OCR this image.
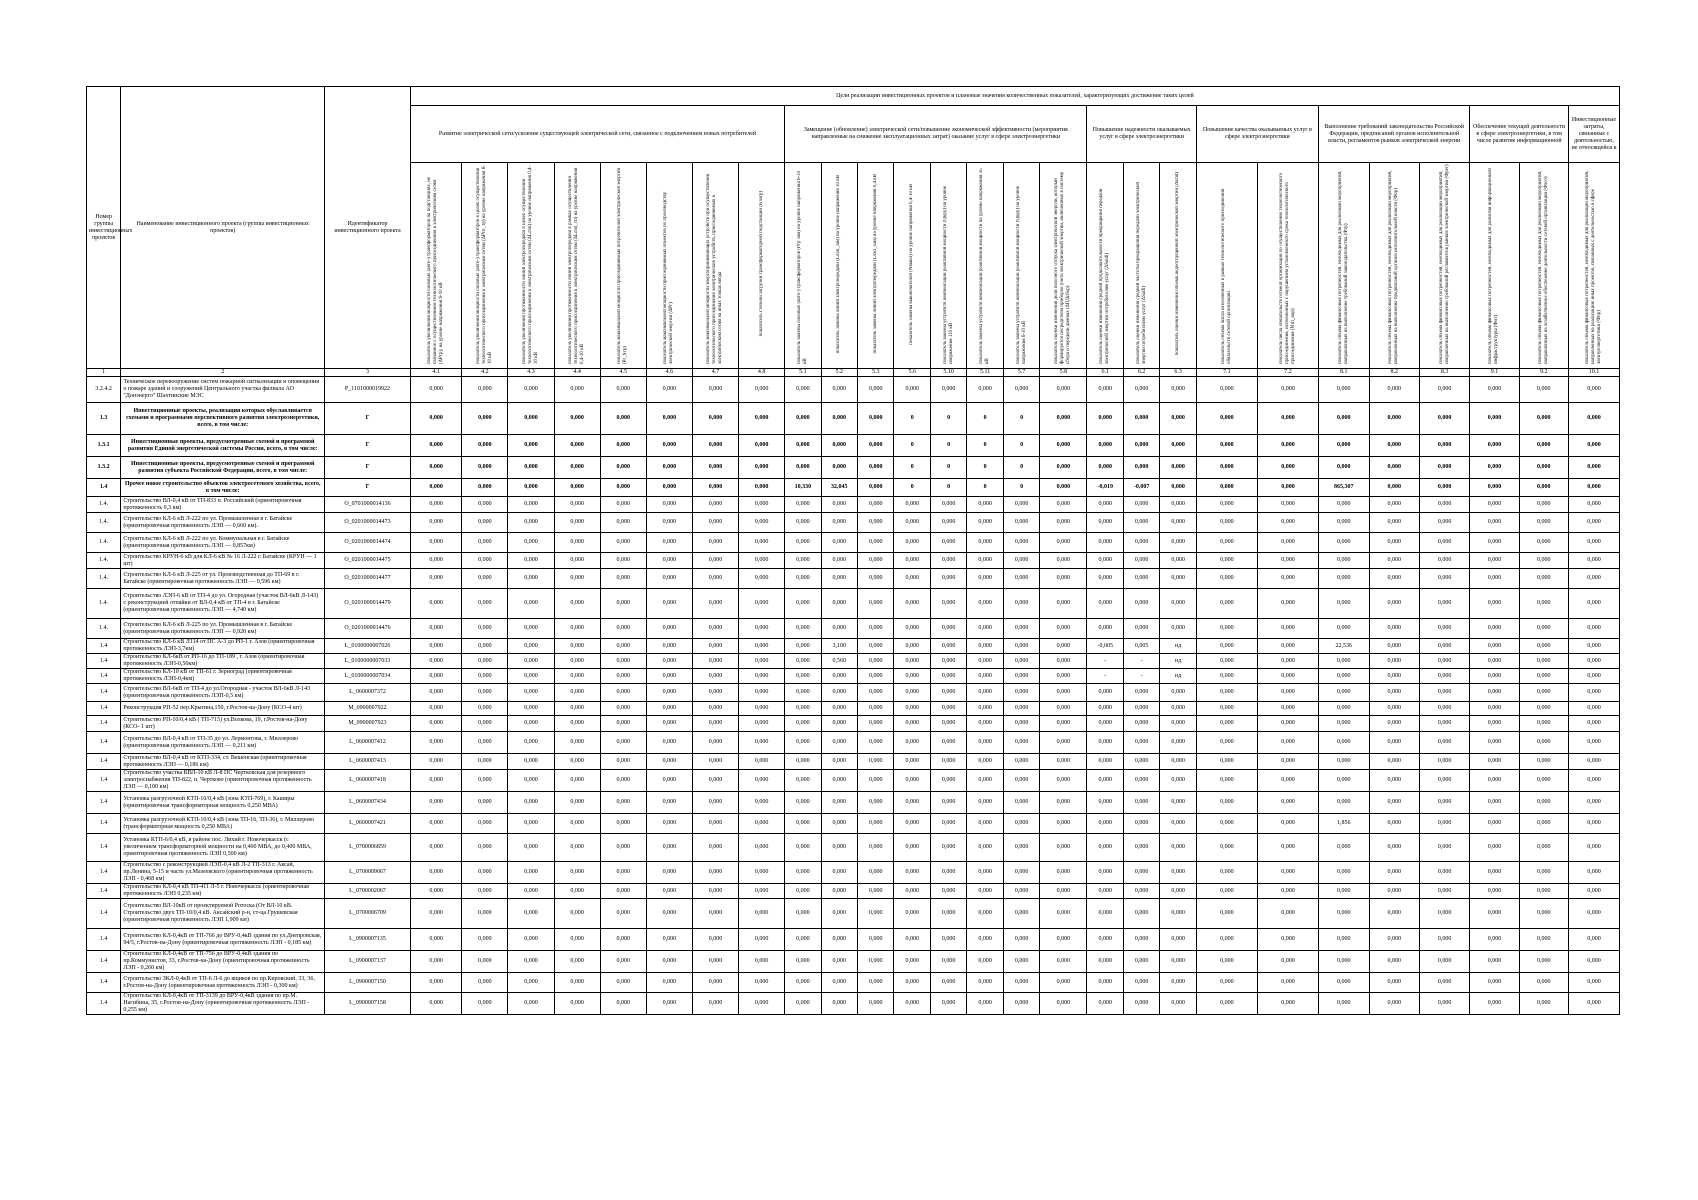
Номер группы инвестиционных проектов	Наименование инвестиционного проекта (группы инвестиционных проектов)	Идентификатор инвестиционного проекта	Цели реализации инвестиционных проектов и плановые значения количественных показателей, характеризующих достижение таких целей																										
			Развитие электрической сети/усиление существующей электрической сети, связанное с подключением новых потребителей								Замещение (обновление) электрической сети/повышение экономической эффективности (мероприятия направленные на снижение эксплуатационных затрат) оказание услуг в сфере электроэнергетики								Повышение надежности оказываемых услуг в сфере электроэнергетики			Повышение качества оказываемых услуг в сфере электроэнергетики		Выполнение требований законодательства Российской Федерации, предписаний органов исполнительной власти, регламентов рынков электрической энергии			Обеспечение текущей деятельности в сфере электроэнергетики, в том числе развитие информационной		Инвестиционные затраты, связанные с деятельностью, не относящейся к
			показатель увеличения мощности силовых (авто-) трансформаторов на подстанциях, не связанное с осуществлением технологического присоединения к электрическим сетям (ΔPтр), на уровне напряжения 6-10 кВ	показатель увеличения мощности силовых (авто-) трансформаторов в целях осуществления технологического присоединения к электрическим сетям (ΔPтп_тр) на уровне напряжения 6-10 кВ	показатель увеличения протяженности линий электропередачи в целях осуществления технологического присоединения к электрическим сетям (ΔLлэп) на уровне напряжения 0,4-10 кВ	показатель увеличения протяженности линий электропередачи в рамках осуществления технологического присоединения к электрическим сетям (ΔLлэп_тп) на уровне напряжения 0,4-10 кВ	показатель максимальной мощности присоединяемых потребителей электрической энергии (Pr_Sтр)	показатель максимальной мощности присоединяемых объектов по производству электрической энергии (ΔPг)	показатель максимальной мощности энергопринимающих устройств при осуществлении технологического присоединения электрических устройств, присоединяемых к электрическим сетям на иных точках ввода	показатель степени загрузки трансформаторной подстанции (Kзагр)	показатель замены силовых (авто-) трансформаторов (Pтр зам) на уровне напряжения 6-10 кВ	показатель замены линий электропередачи (Lлэп_зам) на уровне напряжения 10 кВ	показатель замены линий электропередачи (Lлэп_зам) на уровне напряжения 0,4 кВ	показатель замены выключателей (Nвыкл) на уровне напряжения 0,4-10 кВ	показатель замены устройств компенсации реактивной мощности (Qкру) на уровне напряжения 110 кВ	показатель замены устройств компенсации реактивной мощности на уровне напряжения 35 кВ	показатель замены устройств компенсации реактивной мощности (Qкру) на уровне напряжения 6-10 кВ	показатель оценки изменения доли полезного отпуска электрической энергии, который формируется посредством приборов учета электрической энергии, включенных в систему сбора и передачи данных (ΔПДсбор)	показатель оценки изменения средней продолжительности прекращения передачи электрической энергии потребителям услуг (ΔSaidi)	показатель оценки изменения средней частоты прекращения передачи электрической энергии потребителям услуг (ΔSaifi)	показатель оценки изменения объема недоотпущенной электрической энергии (ΔEnd)	показатель объема числа исполненных в рамках технологического присоединения обязательств сетевой организации	показатель числа обязательств сетевой организации по осуществлению технологического присоединения, исполненных с нарушением установленного срока технологического присоединения (Nтп_нар)	показатель объема финансовых потребностей, необходимых для реализации мероприятий, направленных на выполнение требований законодательства (Фтр)	показатель объема финансовых потребностей, необходимых для реализации мероприятий, направленных на выполнение предписаний органов исполнительной власти (Фпр)	показатель объема финансовых потребностей, необходимых для реализации мероприятий, направленных на выполнение требований регламентов рынков электрической энергии (Фрег)	показатель объема финансовых потребностей, необходимых для развития информационной инфраструктуры (Фит)	показатель объема финансовых потребностей, необходимых для реализации мероприятий, направленных на хозяйственное обеспечение деятельности сетевой организации (Фхоз)	показатель объема финансовых потребностей, необходимых для реализации мероприятий, направленных на реализацию иных проектов, связанных с деятельностью в сфере электроэнергетики (Фпр)
1	2	3	4.1	4.2	4.3	4.4	4.5	4.6	4.7	4.8	5.1	5.2	5.3	5.6	5.10	5.11	5.7	5.8	6.1	6.2	6.3	7.1	7.2	8.1	8.2	8.3	9.1	9.2	10.1
3.2.4.2	Техническое перевооружение систем пожарной сигнализации и оповещения о пожаре зданий и сооружений Центрального участка филиала АО "Донэнерго" Шахтинские МЭС	P_1101000019922	0,000	0,000	0,000	0,000	0,000	0,000	0,000	0,000	0,000	0,000	0,000	0,000	0,000	0,000	0,000	0,000	0,000	0,000	0,000	0,000	0,000	0,000	0,000	0,000	0,000	0,000	0,000
1.3	Инвестиционные проекты, реализация которых обуславливается схемами и программами перспективного развития электроэнергетики, всего, в том числе:	Г	0,000	0,000	0,000	0,000	0,000	0,000	0,000	0,000	0,000	0,000	0,000	0	0	0	0	0,000	0,000	0,000	0,000	0,000	0,000	0,000	0,000	0,000	0,000	0,000	0,000
1.3.1	Инвестиционные проекты, предусмотренные схемой и программой развития Единой энергетической системы России, всего, в том числе:	Г	0,000	0,000	0,000	0,000	0,000	0,000	0,000	0,000	0,000	0,000	0,000	0	0	0	0	0,000	0,000	0,000	0,000	0,000	0,000	0,000	0,000	0,000	0,000	0,000	0,000
1.3.2	Инвестиционные проекты, предусмотренные схемой и программой развития субъекта Российской Федерации, всего, в том числе:	Г	0,000	0,000	0,000	0,000	0,000	0,000	0,000	0,000	0,000	0,000	0,000	0	0	0	0	0,000	0,000	0,000	0,000	0,000	0,000	0,000	0,000	0,000	0,000	0,000	0,000
1.4	Прочее новое строительство объектов электросетевого хозяйства, всего, в том числе:	Г	0,000	0,000	0,000	0,000	0,000	0,000	0,000	0,000	10,330	32,045	0,000	0	0	0	0	0,000	-0,019	-0,007	0,000	0,000	0,000	865,307	0,000	0,000	0,000	0,000	0,000
1.4.	Строительство ВЛ-0,4 кВ от ТП-833 п. Российский (ориентировочная протяженность 0,3 км)	O_0701000014136	0,000	0,000	0,000	0,000	0,000	0,000	0,000	0,000	0,000	0,000	0,000	0,000	0,000	0,000	0,000	0,000	0,000	0,000	0,000	0,000	0,000	0,000	0,000	0,000	0,000	0,000	0,000
1.4.	Строительство КЛ-6 кВ Л-222 по ул. Промышленная в г. Батайске (ориентировочная протяженность ЛЭП — 0,660 км).	O_0201000014473	0,000	0,000	0,000	0,000	0,000	0,000	0,000	0,000	0,000	0,000	0,000	0,000	0,000	0,000	0,000	0,000	0,000	0,000	0,000	0,000	0,000	0,000	0,000	0,000	0,000	0,000	0,000
1.4.	Строительство КЛ-6 кВ Л-222 по ул. Коммунальная в г. Батайске (ориентировочная протяженность ЛЭП — 0,857км)	O_0201000014474	0,000	0,000	0,000	0,000	0,000	0,000	0,000	0,000	0,000	0,000	0,000	0,000	0,000	0,000	0,000	0,000	0,000	0,000	0,000	0,000	0,000	0,000	0,000	0,000	0,000	0,000	0,000
1.4.	Строительство КРУН-6 кВ для КЛ-6 кВ № 16 Л-222 г. Батайске (КРУН — 1 шт)	O_0201000014475	0,000	0,000	0,000	0,000	0,000	0,000	0,000	0,000	0,000	0,000	0,000	0,000	0,000	0,000	0,000	0,000	0,000	0,000	0,000	0,000	0,000	0,000	0,000	0,000	0,000	0,000	0,000
1.4.	Строительство КЛ-6 кВ Л-225 от ул. Производственная до ТП-69 в г. Батайске (ориентировочная протяженность ЛЭП — 0,596 км)	O_0201000014477	0,000	0,000	0,000	0,000	0,000	0,000	0,000	0,000	0,000	0,000	0,000	0,000	0,000	0,000	0,000	0,000	0,000	0,000	0,000	0,000	0,000	0,000	0,000	0,000	0,000	0,000	0,000
1.4.	Строительство ЛЭП-6 кВ от ТП-4 до ул. Огородная (участок ВЛ-6кВ Л-143) с реконструкцией отпайки от ВЛ-0,4 кВ от ТП-4 в г. Батайске (ориентировочная протяженность ЛЭП — 4,740 км)	O_0201000014479	0,000	0,000	0,000	0,000	0,000	0,000	0,000	0,000	0,000	0,000	0,000	0,000	0,000	0,000	0,000	0,000	0,000	0,000	0,000	0,000	0,000	0,000	0,000	0,000	0,000	0,000	0,000
1.4.	Строительство КЛ-6 кВ Л-225 по ул. Промышленная в г. Батайске (ориентировочная протяженность ЛЭП — 0,920 км)	O_0201000014476	0,000	0,000	0,000	0,000	0,000	0,000	0,000	0,000	0,000	0,000	0,000	0,000	0,000	0,000	0,000	0,000	0,000	0,000	0,000	0,000	0,000	0,000	0,000	0,000	0,000	0,000	0,000
1.4	Строительство КЛ-6 кВ Л114 от ПС А-3 до РП-1 г. Азов (ориентировочная протяженность ЛЭП-3,7км)	L_0100000007026	0,000	0,000	0,000	0,000	0,000	0,000	0,000	0,000	0,000	3,100	0,000	0,000	0,000	0,000	0,000	0,000	-0,005	0,005	нд	0,000	0,000	22,536	0,000	0,000	0,000	0,000	0,000
1.4	Строительство КЛ-6кВ от РП-16 до ТП-189 , г. Азов (ориентировочная протяженность ЛЭП-0,56км)	L_0100000007033	0,000	0,000	0,000	0,000	0,000	0,000	0,000	0,000	0,000	0,560	0,000	0,000	0,000	0,000	0,000	0,000	-	-	нд	0,000	0,000	0,000	0,000	0,000	0,000	0,000	0,000
1.4	Строительство КЛ-10 кВ от ТП-61 г. Зерноград (ориентировочная протяженность ЛЭП-0,4км)	L_0100000007034	0,000	0,000	0,000	0,000	0,000	0,000	0,000	0,000	0,000	0,000	0,000	0,000	0,000	0,000	0,000	0,000	-	-	нд	0,000	0,000	0,000	0,000	0,000	0,000	0,000	0,000
1.4	Строительство ВЛ-6кВ от ТП-4 до ул.Огородная - участок ВЛ-6кВ Л-143 (ориентировочная протяженность ЛЭП-0,5 км)	L_0600007372	0,000	0,000	0,000	0,000	0,000	0,000	0,000	0,000	0,000	0,000	0,000	0,000	0,000	0,000	0,000	0,000	0,000	0,000	0,000	0,000	0,000	0,000	0,000	0,000	0,000	0,000	0,000
1.4	Реконструкция РП-52 пер.Крыгина,150, г.Ростов-на-Дону (КСО-4 шт)	M_0900007922	0,000	0,000	0,000	0,000	0,000	0,000	0,000	0,000	0,000	0,000	0,000	0,000	0,000	0,000	0,000	0,000	0,000	0,000	0,000	0,000	0,000	0,000	0,000	0,000	0,000	0,000	0,000
1.4	Строительство РП-10/0,4 кВ ( ТП-715) ул.Волкова, 19, г.Ростов-на-Дону (КСО- 1 шт)	M_0900007923	0,000	0,000	0,000	0,000	0,000	0,000	0,000	0,000	0,000	0,000	0,000	0,000	0,000	0,000	0,000	0,000	0,000	0,000	0,000	0,000	0,000	0,000	0,000	0,000	0,000	0,000	0,000
1.4	Строительство ВЛ-0,4 кВ от ТП-35 до ул. Лермонтова, г. Миллерово (ориентировочная протяженность ЛЭП — 0,211 км)	L_0600007412	0,000	0,000	0,000	0,000	0,000	0,000	0,000	0,000	0,000	0,000	0,000	0,000	0,000	0,000	0,000	0,000	0,000	0,000	0,000	0,000	0,000	0,000	0,000	0,000	0,000	0,000	0,000
1.4	Строительство ВЛ-0,4 кВ от КТП-334, ст. Вешенская (ориентировочная протяженность ЛЭП — 0,186 км)	L_0600007413	0,000	0,000	0,000	0,000	0,000	0,000	0,000	0,000	0,000	0,000	0,000	0,000	0,000	0,000	0,000	0,000	0,000	0,000	0,000	0,000	0,000	0,000	0,000	0,000	0,000	0,000	0,000
1.4	Строительство участка КВЛ-10 кВ Л-8 ПС Чертковская для резервного электроснабжения ТП-822, п. Чертково (ориентировочная протяженность ЛЭП — 0,100 км)	L_0600007418	0,000	0,000	0,000	0,000	0,000	0,000	0,000	0,000	0,000	0,000	0,000	0,000	0,000	0,000	0,000	0,000	0,000	0,000	0,000	0,000	0,000	0,000	0,000	0,000	0,000	0,000	0,000
1.4	Установка разгрузочной КТП-10/0,4 кВ (зона КТП-769), г. Каширы (ориентировочная трансформаторная мощность 0,250 МВА)	L_0600007434	0,000	0,000	0,000	0,000	0,000	0,000	0,000	0,000	0,000	0,000	0,000	0,000	0,000	0,000	0,000	0,000	0,000	0,000	0,000	0,000	0,000	0,000	0,000	0,000	0,000	0,000	0,000
1.4	Установка разгрузочной КТП-10/0,4 кВ (зона ТП-16, ТП-36), г. Миллерово (трансформаторная мощность 0,250 МВА)	L_0600007421	0,000	0,000	0,000	0,000	0,000	0,000	0,000	0,000	0,000	0,000	0,000	0,000	0,000	0,000	0,000	0,000	0,000	0,000	0,000	0,000	0,000	1,856	0,000	0,000	0,000	0,000	0,000
1.4	Установка КТП-6/0,4 кВ, в районе пос. Лихий г. Новочеркасск (с увеличением трансформаторной мощности на 0,400 МВА, до 0,400 МВА, ориентировочная протяженность ЛЭП 0,500 км)	L_0700006859	0,000	0,000	0,000	0,000	0,000	0,000	0,000	0,000	0,000	0,000	0,000	0,000	0,000	0,000	0,000	0,000	0,000	0,000	0,000	0,000	0,000	0,000	0,000	0,000	0,000	0,000	0,000
1.4	Строительство с реконструкцией ЛЭП-0,4 кВ Л-2 ТП-313 г. Аксай, пр.Ленина, 5-15 и часть ул.Мазеевского (ориентировочная протяженность ЛЭП - 0,468 км)	L_0700009067	0,000	0,000	0,000	0,000	0,000	0,000	0,000	0,000	0,000	0,000	0,000	0,000	0,000	0,000	0,000	0,000	0,000	0,000	0,000	0,000	0,000	0,000	0,000	0,000	0,000	0,000	0,000
1.4	Строительство КЛ-0,4 кВ ТП-411 Л-5 г. Новочеркасск (ориентировочная протяженность ЛЭП 0,235 км)	L_0700002067	0,000	0,000	0,000	0,000	0,000	0,000	0,000	0,000	0,000	0,000	0,000	0,000	0,000	0,000	0,000	0,000	0,000	0,000	0,000	0,000	0,000	0,000	0,000	0,000	0,000	0,000	0,000
1.4	Строительство ВЛ-10кВ от проектируемой Ротоска (От ВЛ-10 кВ. Строительство двух ТП-10/0,4 кВ. Аксайский р-н, ст-ца Грушевская (ориентировочная протяженность ЛЭП 1,909 км)	L_0700006709	0,000	0,000	0,000	0,000	0,000	0,000	0,000	0,000	0,000	0,000	0,000	0,000	0,000	0,000	0,000	0,000	0,000	0,000	0,000	0,000	0,000	0,000	0,000	0,000	0,000	0,000	0,000
1.4	Строительство КЛ-0,4кВ от ТП-766 до ВРУ-0,4кВ здания по ул.Днепровская, 94/5, г.Ростов-на-Дону (ориентировочная протяженность ЛЭП - 0,185 км)	L_0900007135	0,000	0,000	0,000	0,000	0,000	0,000	0,000	0,000	0,000	0,000	0,000	0,000	0,000	0,000	0,000	0,000	0,000	0,000	0,000	0,000	0,000	0,000	0,000	0,000	0,000	0,000	0,000
1.4	Строительство КЛ-0,4кВ от ТП-756 до ВРУ-0,4кВ здания по пр.Коммунистов, 33, г.Ростов-на-Дону (ориентировочная протяженность ЛЭП - 0,260 км)	L_0900007137	0,000	0,000	0,000	0,000	0,000	0,000	0,000	0,000	0,000	0,000	0,000	0,000	0,000	0,000	0,000	0,000	0,000	0,000	0,000	0,000	0,000	0,000	0,000	0,000	0,000	0,000	0,000
1.4	Строительство ЗКЛ-0,4кВ от ТП-6 Л-6 до ящиков по пр.Кировский, 33, 36, г.Ростов-на-Дону (ориентировочная протяженность ЛЭП - 0,300 км)	L_0900007150	0,000	0,000	0,000	0,000	0,000	0,000	0,000	0,000	0,000	0,000	0,000	0,000	0,000	0,000	0,000	0,000	0,000	0,000	0,000	0,000	0,000	0,000	0,000	0,000	0,000	0,000	0,000
1.4	Строительство КЛ-0,4кВ от ТП-3139 до ВРУ-0,4кВ здания по пр.М. Нагибина, 35, г.Ростов-на-Дону (ориентировочная протяженность ЛЭП - 0,255 км)	L_0900007158	0,000	0,000	0,000	0,000	0,000	0,000	0,000	0,000	0,000	0,000	0,000	0,000	0,000	0,000	0,000	0,000	0,000	0,000	0,000	0,000	0,000	0,000	0,000	0,000	0,000	0,000	0,000
